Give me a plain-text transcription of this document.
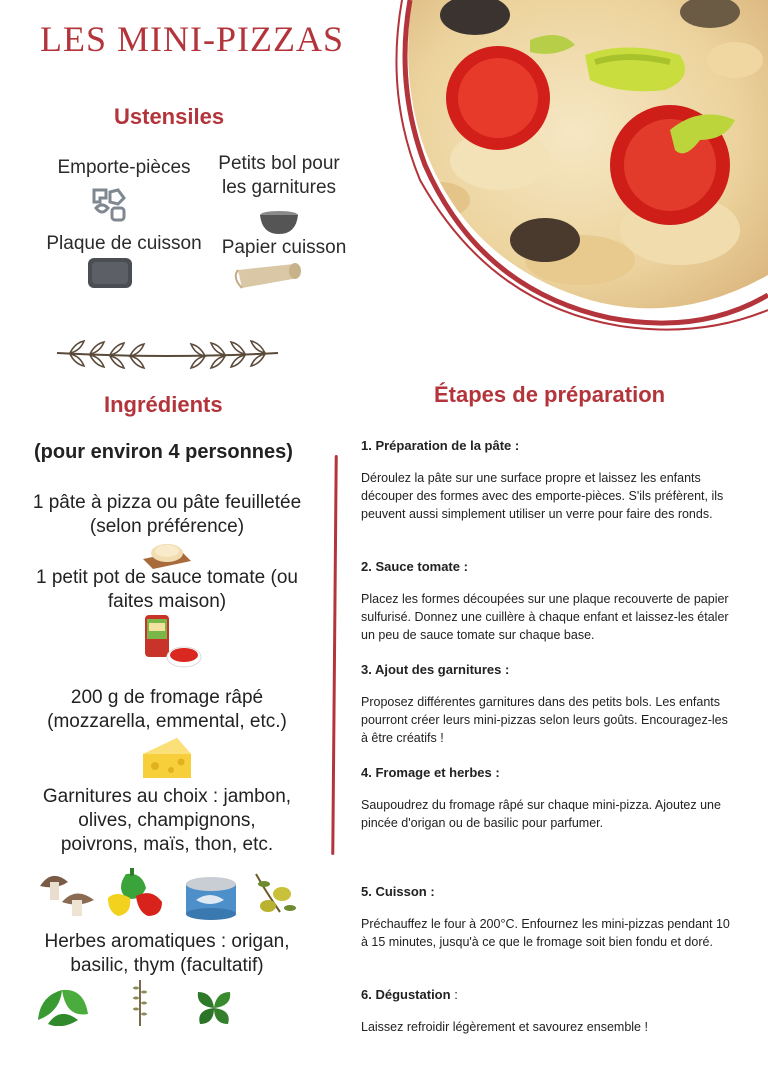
LES MINI-PIZZAS
Ustensiles
Emporte-pièces	Petits bol pour les garnitures
Plaque de cuisson	Papier cuisson
Ingrédients
(pour environ 4 personnes)
1 pâte à pizza ou pâte feuilletée (selon préférence)
1 petit pot de sauce tomate (ou faites maison)
200 g de fromage râpé (mozzarella, emmental, etc.)
Garnitures au choix : jambon, olives, champignons, poivrons, maïs, thon, etc.
Herbes aromatiques : origan, basilic, thym (facultatif)
Étapes de préparation
1. Préparation de la pâte :
Déroulez la pâte sur une surface propre et laissez les enfants découper des formes avec des emporte-pièces. S'ils préfèrent, ils peuvent aussi simplement utiliser un verre pour faire des ronds.
2. Sauce tomate :
Placez les formes découpées sur une plaque recouverte de papier sulfurisé. Donnez une cuillère à chaque enfant et laissez-les étaler un peu de sauce tomate sur chaque base.
3. Ajout des garnitures :
Proposez différentes garnitures dans des petits bols. Les enfants pourront créer leurs mini-pizzas selon leurs goûts. Encouragez-les à être créatifs !
4. Fromage et herbes :
Saupoudrez du fromage râpé sur chaque mini-pizza. Ajoutez une pincée d'origan ou de basilic pour parfumer.
5. Cuisson :
Préchauffez le four à 200°C. Enfournez les mini-pizzas pendant 10 à 15 minutes, jusqu'à ce que le fromage soit bien fondu et doré.
6. Dégustation :
Laissez refroidir légèrement et savourez ensemble !
